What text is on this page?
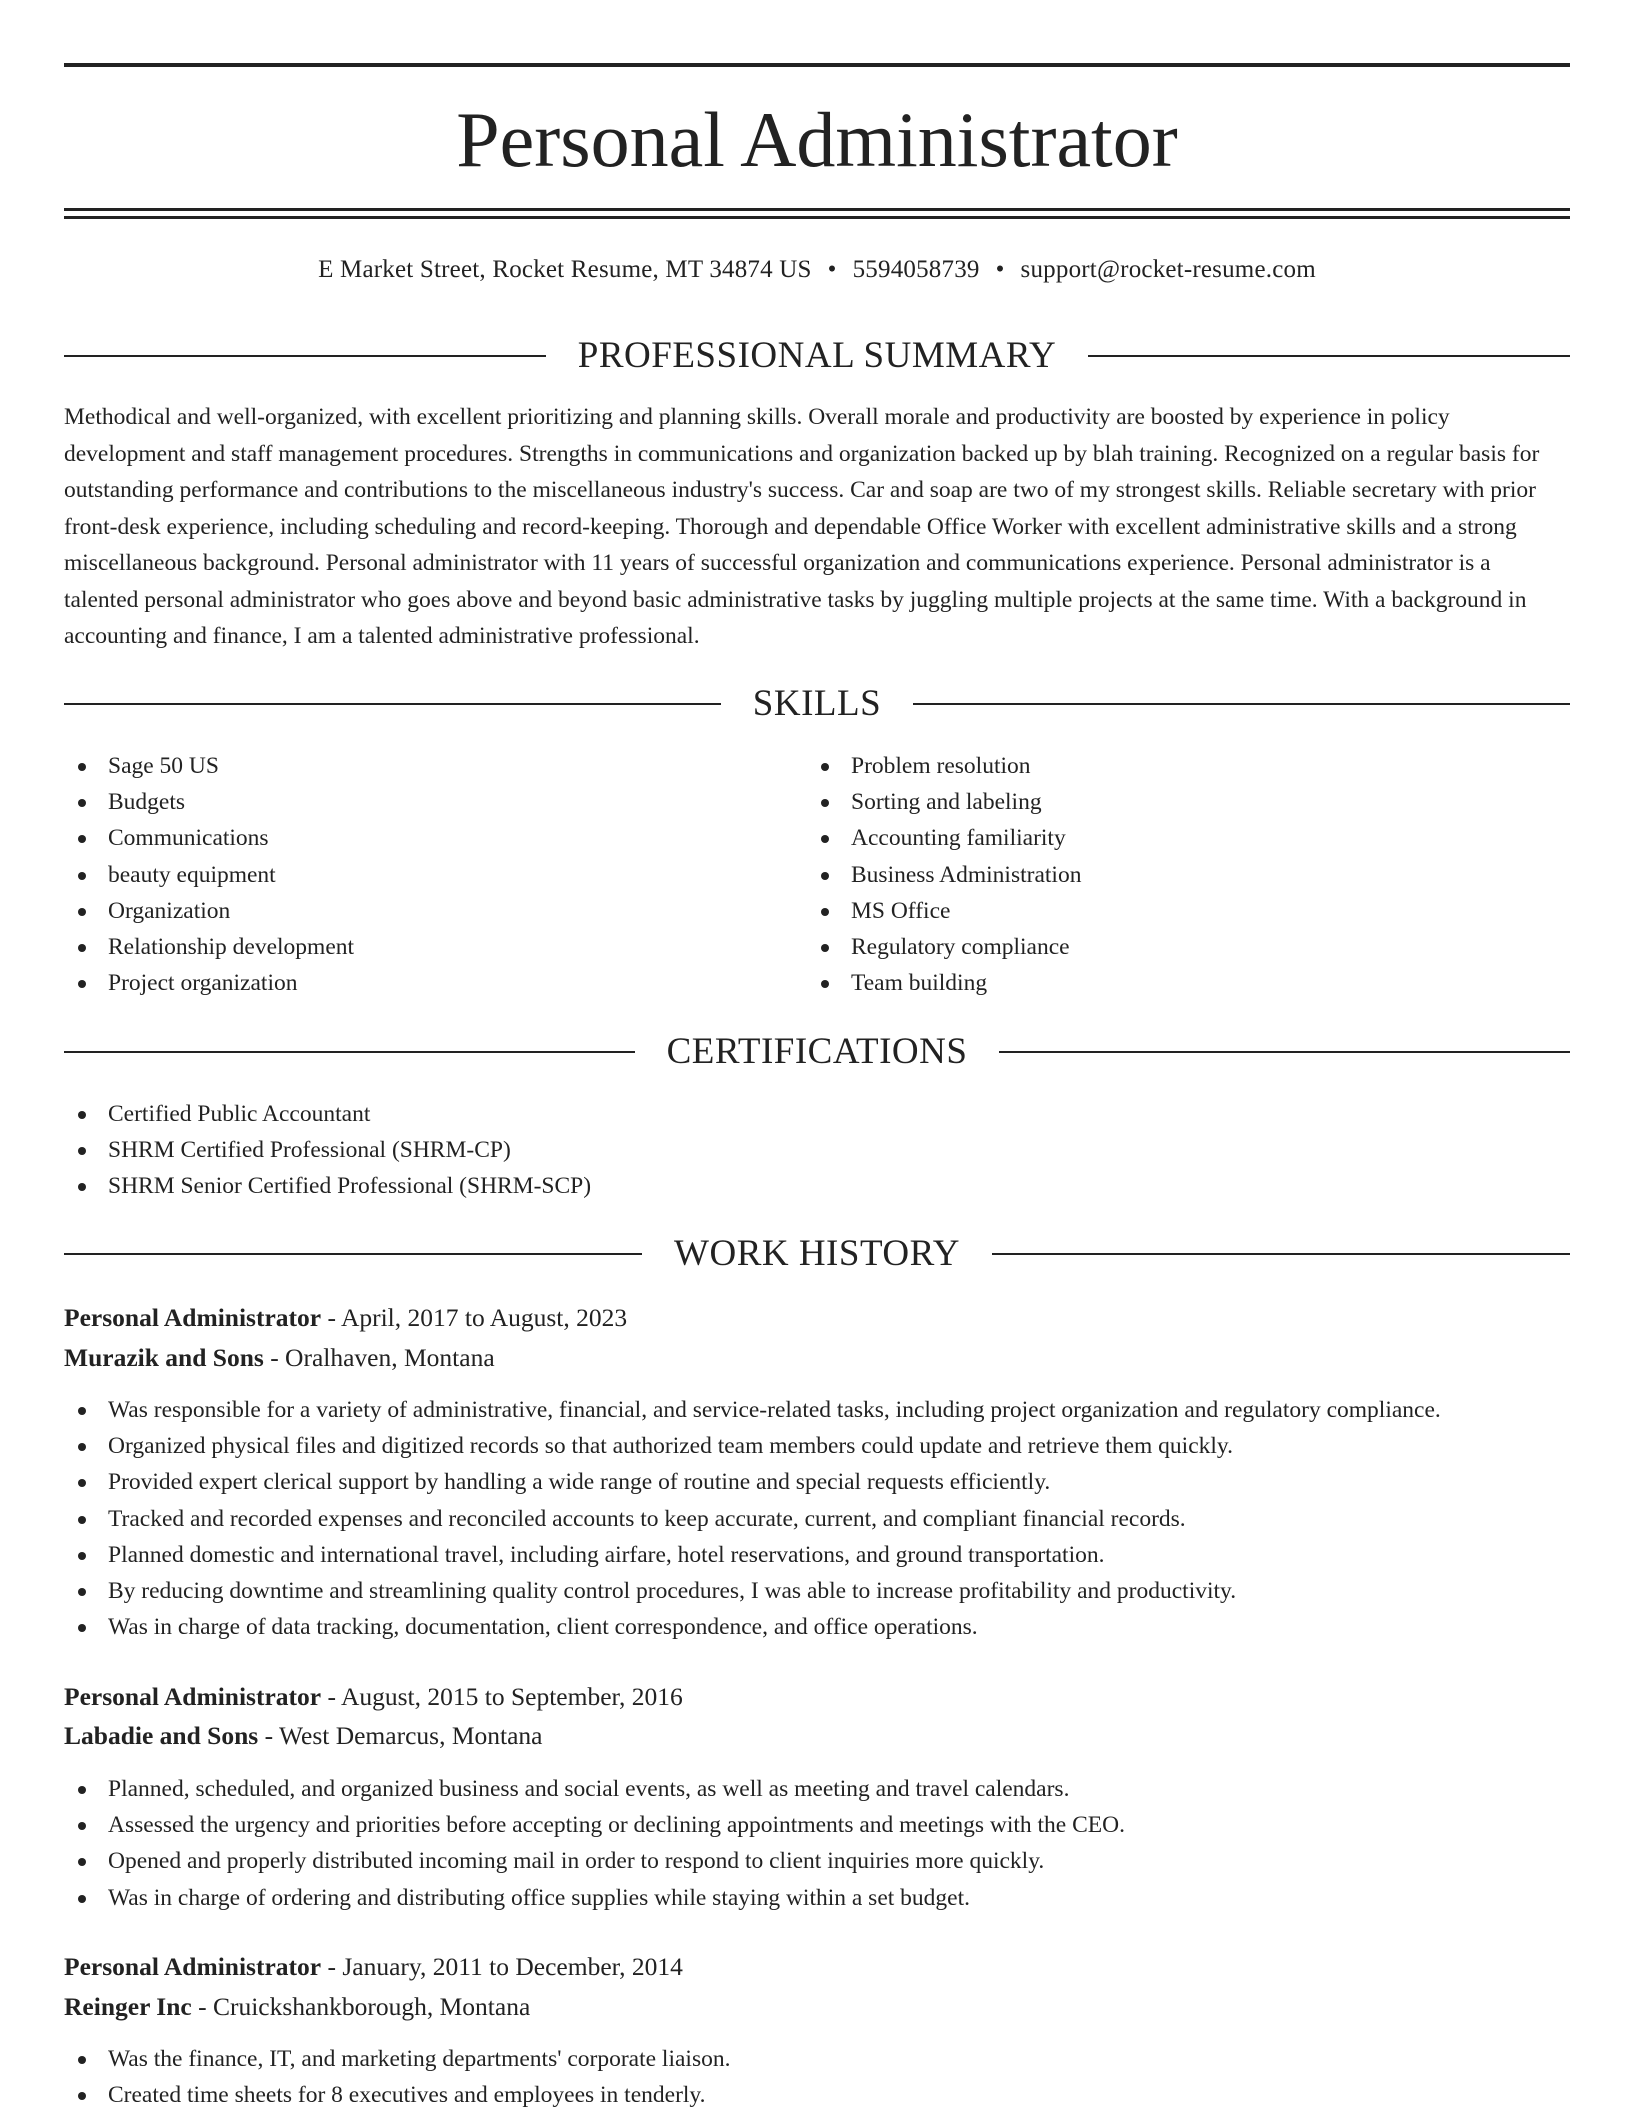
Personal Administrator
E Market Street, Rocket Resume, MT 34874 US • 5594058739 • support@rocket-resume.com
PROFESSIONAL SUMMARY

Methodical and well-organized, with excellent prioritizing and planning skills. Overall morale and productivity are boosted by experience in policy development and staff management procedures. Strengths in communications and organization backed up by blah training. Recognized on a regular basis for outstanding performance and contributions to the miscellaneous industry's success. Car and soap are two of my strongest skills. Reliable secretary with prior front-desk experience, including scheduling and record-keeping. Thorough and dependable Office Worker with excellent administrative skills and a strong miscellaneous background. Personal administrator with 11 years of successful organization and communications experience. Personal administrator is a talented personal administrator who goes above and beyond basic administrative tasks by juggling multiple projects at the same time. With a background in accounting and finance, I am a talented administrative professional.

SKILLS
Sage 50 US
Budgets
Communications
beauty equipment
Organization
Relationship development
Project organization
Problem resolution
Sorting and labeling
Accounting familiarity
Business Administration
MS Office
Regulatory compliance
Team building
CERTIFICATIONS
Certified Public Accountant
SHRM Certified Professional (SHRM-CP)
SHRM Senior Certified Professional (SHRM-SCP)
WORK HISTORY
Personal Administrator - April, 2017 to August, 2023
Murazik and Sons - Oralhaven, Montana
Was responsible for a variety of administrative, financial, and service-related tasks, including project organization and regulatory compliance.
Organized physical files and digitized records so that authorized team members could update and retrieve them quickly.
Provided expert clerical support by handling a wide range of routine and special requests efficiently.
Tracked and recorded expenses and reconciled accounts to keep accurate, current, and compliant financial records.
Planned domestic and international travel, including airfare, hotel reservations, and ground transportation.
By reducing downtime and streamlining quality control procedures, I was able to increase profitability and productivity.
Was in charge of data tracking, documentation, client correspondence, and office operations.
Personal Administrator - August, 2015 to September, 2016
Labadie and Sons - West Demarcus, Montana
Planned, scheduled, and organized business and social events, as well as meeting and travel calendars.
Assessed the urgency and priorities before accepting or declining appointments and meetings with the CEO.
Opened and properly distributed incoming mail in order to respond to client inquiries more quickly.
Was in charge of ordering and distributing office supplies while staying within a set budget.
Personal Administrator - January, 2011 to December, 2014
Reinger Inc - Cruickshankborough, Montana
Was the finance, IT, and marketing departments' corporate liaison.
Created time sheets for 8 executives and employees in tenderly.
